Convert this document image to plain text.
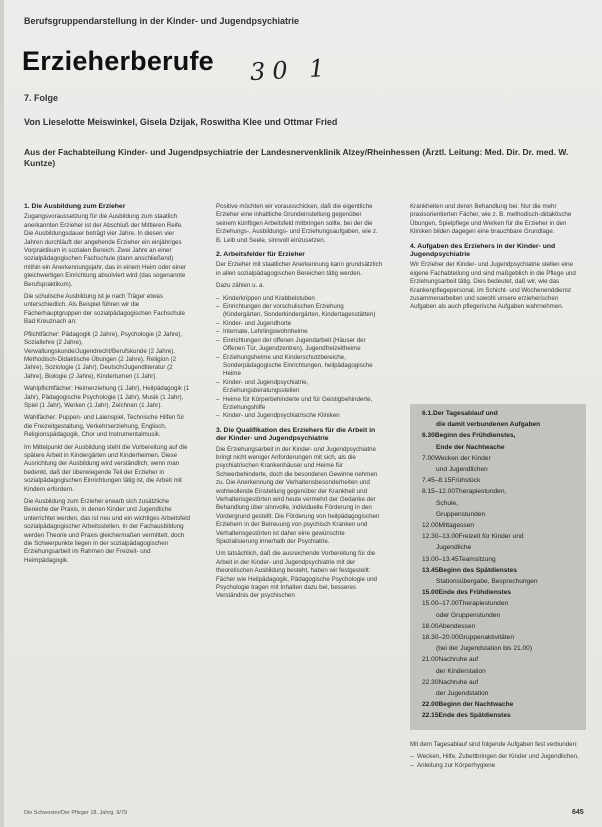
Berufsgruppendarstellung in der Kinder- und Jugendpsychiatrie
Erzieherberufe 30 1
7. Folge
Von Lieselotte Meiswinkel, Gisela Dzijak, Roswitha Klee und Ottmar Fried
Aus der Fachabteilung Kinder- und Jugendpsychiatrie der Landesnervenklinik Alzey/Rheinhessen (Ärztl. Leitung: Med. Dir. Dr. med. W. Kuntze)
1. Die Ausbildung zum Erzieher

Zugangsvoraussetzung für die Ausbildung zum staatlich anerkannten Erzieher ist der Abschluß der Mittleren Reife. Die Ausbildungsdauer beträgt vier Jahre. In diesen vier Jahren durchläuft der angehende Erzieher ein einjähriges Vorpraktikum in sozialen Bereich. Zwei Jahre an einer sozialpädagogischen Fachschule (dann anschließend) mithin ein Anerkennungsjahr, das in einem Heim oder einer gleichwertigen Einrichtung absolviert wird (das sogenannte Berufspraktikum).

Die schulische Ausbildung ist je nach Träger etwas unterschiedlich. Als Beispiel führen wir die Fächerhauptgruppen der sozialpädagogischen Fachschule Bad Kreuznach an:

Pflichtfächer: Pädagogik (2 Jahre), Psychologie (2 Jahre), Soziallehre (2 Jahre), Verwaltungskunde/Jugendrecht/Berufskunde (2 Jahre), Methodisch-Didaktische Übungen (2 Jahre), Religion (2 Jahre), Soziologie (1 Jahr), Deutsch/Jugendliteratur (2 Jahre), Biologie (2 Jahre), Kinderturnen (1 Jahr).

Wahlpflichtfächer: Heimerziehung (1 Jahr), Heilpädagogik (1 Jahr), Pädagogische Psychologie (1 Jahr), Musik (1 Jahr), Spiel (1 Jahr), Werken (1 Jahr), Zeichnen (1 Jahr).

Wahlfächer: Puppen- und Laienspiel, Technische Hilfen für die Freizeitgestaltung, Verkehrserziehung, Englisch, Religionspädagogik, Chor und Instrumentalmusik.

Im Mittelpunkt der Ausbildung steht die Vorbereitung auf die spätere Arbeit in Kindergärten und Kinderheimen. Diese Ausrichtung der Ausbildung wird verständlich, wenn man bedenkt, daß der überwiegende Teil der Erzieher in sozialpädagogischen Einrichtungen tätig ist, die Arbeit mit Kindern erfordern.

Die Ausbildung zum Erzieher erwarb sich zusätzliche Bereiche der Praxis, in denen Kinder und Jugendliche unterrichtet werden, das ist neu und ein wichtiges Arbeitsfeld sozialpädagogischer Arbeitsstellen. In der Fachausbildung werden Theorie und Praxis gleichermaßen vermittelt, doch die Schwerpunkte liegen in der sozialpädagogischen Erziehungsarbeit im Rahmen der Freizeit- und Heimpädagogik.

Positive möchten wir vorausschicken, daß die eigentliche Erzieher eine inhaltliche Grundeinstellung gegenüber seinem künftigen Arbeitsfeld mitbringen sollte, bei der die Erziehungs-, Ausbildungs- und Erziehungsaufgaben, wie z. B. Leib und Seele, sinnvoll einzusetzen.

2. Arbeitsfelder für Erzieher

Der Erzieher mit staatlicher Anerkennung kann grundsätzlich in allen sozialpädagogischen Bereichen tätig werden.

Dazu zählen u. a.

– Kinderkrippen und Krabbelstuben
– Einrichtungen der vorschulischen Erziehung (Kindergärten, Sonderkindergärten, Kindertagesstätten)
– Kinder- und Jugendhorte
– Internate, Lehrlingswohnheime
– Einrichtungen der offenen Jugendarbeit (Häuser der Offenen Tür, Jugendzentren), Jugendfreizeitheime
– Erziehungsheime und Kinderschutzbereiche, Sonderpädagogische Einrichtungen, heilpädagogische Heime
– Kinder- und Jugendpsychiatrie, Erziehungsberatungsstellen
– Heime für Körperbehinderte und für Geistigbehinderte, Erziehungshilfe
– Kinder- und Jugendpsychiatrische Kliniken
3. Die Qualifikation des Erziehers für die Arbeit in der Kinder- und Jugendpsychiatrie

Die Erziehungsarbeit in der Kinder- und Jugendpsychiatrie bringt nicht weniger Anforderungen mit sich, als die psychiatrischen Krankenhäuser und Heime für Schwerbehinderte, doch die besonderen Gewinne nehmen zu. Die Anerkennung der Verhaltensbesonderheiten und wohlwollende Einstellung gegenüber der Krankheit und Verhaltensgestörten wird heute vermehrt der Gedanke der Behandlung über sinnvolle, individuelle Förderung in den Vordergrund gestellt. Die Förderung von heilpädagogischen Erziehern in der Betreuung von psychisch Kranken und Verhaltensgestörten ist daher eine gewünschte Spezialisierung innerhalb der Psychiatrie.

Um tatsächlich, daß die ausreichende Vorbereitung für die Arbeit in der Kinder- und Jugendpsychiatrie mit der theoretischen Ausbildung besteht, haben wir festgestellt: Fächer wie Heilpädagogik, Pädagogische Psychologie und Psychologie tragen mit Inhalten dazu bei, besseres Verständnis der psychischen

Krankheiten und deren Behandlung bei. Nur die mehr praxisorientierten Fächer, wie z. B. methodisch-didaktische Übungen, Spielpflege und Werken für die Erzieher in den Kliniken bilden dagegen eine brauchbare Grundlage.

4. Aufgaben des Erziehers in der Kinder- und Jugendpsychiatrie

Wir Erzieher der Kinder- und Jugendpsychiatrie stellen eine eigene Fachabteilung und sind maßgeblich in die Pflege und Erziehungsarbeit tätig. Dies bedeutet, daß wir, wie das Krankenpflegepersonal, im Schicht- und Wochenenddienst zusammenarbeiten und sowohl unsere erzieherischen Aufgaben als auch pflegerische Aufgaben wahrnehmen.

6.1.Der Tagesablauf und
die damit verbundenen Aufgaben
6.30Beginn des Frühdienstes,
Ende der Nachtwache
7.00Wecken der Kinder
und Jugendlichen
7.45–8.15Frühstück
8.15–12.00Therapiestunden,
Schule,
Gruppenstunden
12.00Mittagessen
12.30–13.00Freizeit für Kinder und
Jugendliche
13.00–13.45Teamsitzung
13.45Beginn des Spätdienstes
Stationsübergabe, Besprechungen
15.00Ende des Frühdienstes
15.00–17.00Therapiestunden
oder Gruppenstunden
18.00Abendessen
18.30–20.00Gruppenaktivitäten
(bei der Jugendstation bis 21.00)
21.00Nachruhe auf
der Kinderstation
22.30Nachruhe auf
der Jugendstation
22.00Beginn der Nachtwache
22.15Ende des Spätdienstes

Mit dem Tagesablauf sind folgende Aufgaben fest verbunden:

– Wecken, Hilfe, Zubettbringen der Kinder und Jugendlichen,
– Anleitung zur Körperhygiene
Die Schwester/Der Pfleger 18. Jahrg. 9/79	645
